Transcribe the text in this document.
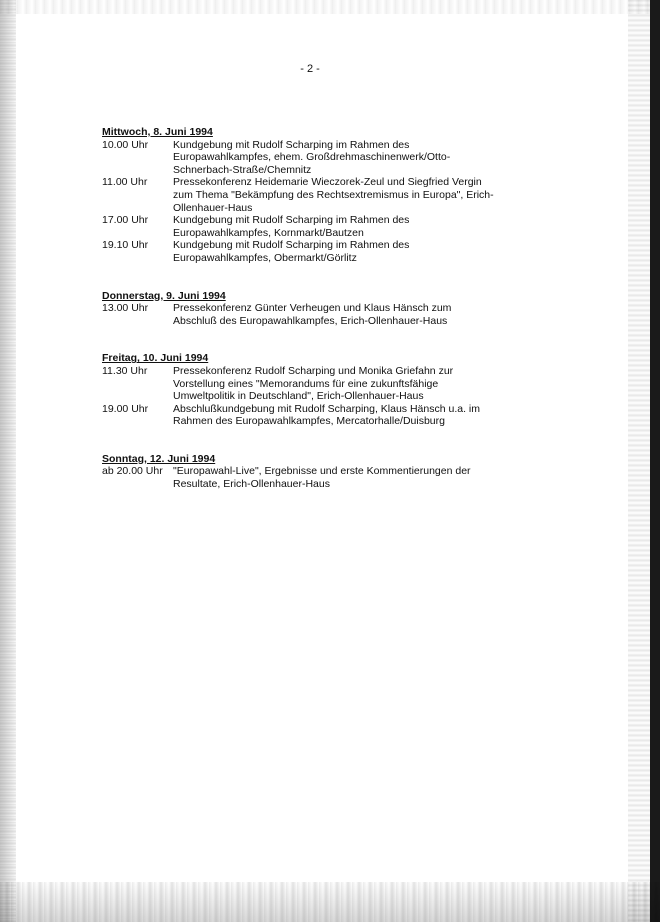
- 2 -
Mittwoch, 8. Juni 1994
10.00 Uhr	Kundgebung mit Rudolf Scharping im Rahmen des
Europawahlkampfes, ehem. Großdrehmaschinenwerk/Otto-
Schnerbach-Straße/Chemnitz
11.00 Uhr	Pressekonferenz Heidemarie Wieczorek-Zeul und Siegfried Vergin
zum Thema "Bekämpfung des Rechtsextremismus in Europa", Erich-
Ollenhauer-Haus
17.00 Uhr	Kundgebung mit Rudolf Scharping im Rahmen des
Europawahlkampfes, Kornmarkt/Bautzen
19.10 Uhr	Kundgebung mit Rudolf Scharping im Rahmen des
Europawahlkampfes, Obermarkt/Görlitz
Donnerstag, 9. Juni 1994
13.00 Uhr	Pressekonferenz Günter Verheugen und Klaus Hänsch zum
Abschluß des Europawahlkampfes, Erich-Ollenhauer-Haus
Freitag, 10. Juni 1994
11.30 Uhr	Pressekonferenz Rudolf Scharping und Monika Griefahn zur
Vorstellung eines "Memorandums für eine zukunftsfähige
Umweltpolitik in Deutschland", Erich-Ollenhauer-Haus
19.00 Uhr	Abschlußkundgebung mit Rudolf Scharping, Klaus Hänsch u.a. im
Rahmen des Europawahlkampfes, Mercatorhalle/Duisburg
Sonntag, 12. Juni 1994
ab 20.00 Uhr "Europawahl-Live", Ergebnisse und erste Kommentierungen der
Resultate, Erich-Ollenhauer-Haus
